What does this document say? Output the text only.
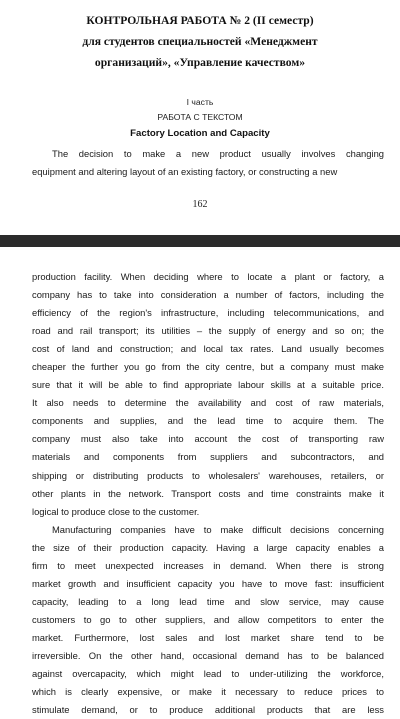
КОНТРОЛЬНАЯ РАБОТА № 2 (II семестр)
для студентов специальностей «Менеджмент
организаций», «Управление качеством»
I часть
РАБОТА С ТЕКСТОМ
Factory Location and Capacity
The decision to make a new product usually involves changing
equipment and altering layout of an existing factory, or constructing a new
162
production facility. When deciding where to locate a plant or factory, a
company has to take into consideration a number of factors, including the
efficiency of the region's infrastructure, including telecommunications, and
road and rail transport; its utilities – the supply of energy and so on; the
cost of land and construction; and local tax rates. Land usually becomes
cheaper the further you go from the city centre, but a company must make
sure that it will be able to find appropriate labour skills at a suitable price.
It also needs to determine the availability and cost of raw materials,
components and supplies, and the lead time to acquire them. The
company must also take into account the cost of transporting raw
materials and components from suppliers and subcontractors, and
shipping or distributing products to wholesalers' warehouses, retailers, or
other plants in the network. Transport costs and time constraints make it
logical to produce close to the customer.
Manufacturing companies have to make difficult decisions concerning
the size of their production capacity. Having a large capacity enables a
firm to meet unexpected increases in demand. When there is strong
market growth and insufficient capacity you have to move fast: insufficient
capacity, leading to a long lead time and slow service, may cause
customers to go to other suppliers, and allow competitors to enter the
market. Furthermore, lost sales and lost market share tend to be
irreversible. On the other hand, occasional demand has to be balanced
against overcapacity, which might lead to under-utilizing the workforce,
which is clearly expensive, or make it necessary to reduce prices to
stimulate demand, or to produce additional products that are less
